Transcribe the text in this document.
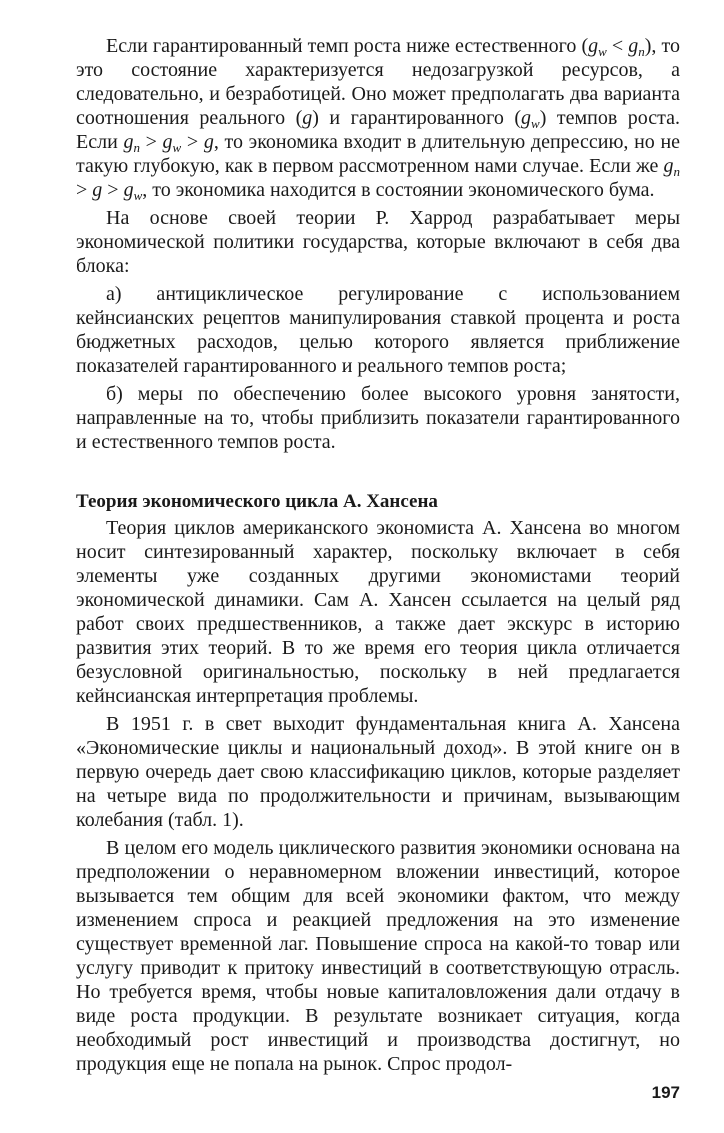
Если гарантированный темп роста ниже естественного $(g_w < g_n)$, то это состояние характеризуется недозагрузкой ресурсов, а следовательно, и безработицей. Оно может предполагать два варианта соотношения реального (g) и гарантированного $(g_w)$ темпов роста. Если $g_n > g_w > g$, то экономика входит в длительную депрессию, но не такую глубокую, как в первом рассмотренном нами случае. Если же $g_n > g > g_w$, то экономика находится в состоянии экономического бума.

На основе своей теории Р. Харрод разрабатывает меры экономической политики государства, которые включают в себя два блока:

а) антициклическое регулирование с использованием кейнсианских рецептов манипулирования ставкой процента и роста бюджетных расходов, целью которого является приближение показателей гарантированного и реального темпов роста;

б) меры по обеспечению более высокого уровня занятости, направленные на то, чтобы приблизить показатели гарантированного и естественного темпов роста.

Теория экономического цикла А. Хансена

Теория циклов американского экономиста А. Хансена во многом носит синтезированный характер, поскольку включает в себя элементы уже созданных другими экономистами теорий экономической динамики. Сам А. Хансен ссылается на целый ряд работ своих предшественников, а также дает экскурс в историю развития этих теорий. В то же время его теория цикла отличается безусловной оригинальностью, поскольку в ней предлагается кейнсианская интерпретация проблемы.

В 1951 г. в свет выходит фундаментальная книга А. Хансена «Экономические циклы и национальный доход». В этой книге он в первую очередь дает свою классификацию циклов, которые разделяет на четыре вида по продолжительности и причинам, вызывающим колебания (табл. 1).

В целом его модель циклического развития экономики основана на предположении о неравномерном вложении инвестиций, которое вызывается тем общим для всей экономики фактом, что между изменением спроса и реакцией предложения на это изменение существует временной лаг. Повышение спроса на какой-то товар или услугу приводит к притоку инвестиций в соответствующую отрасль. Но требуется время, чтобы новые капиталовложения дали отдачу в виде роста продукции. В результате возникает ситуация, когда необходимый рост инвестиций и производства достигнут, но продукция еще не попала на рынок. Спрос продол-

197
